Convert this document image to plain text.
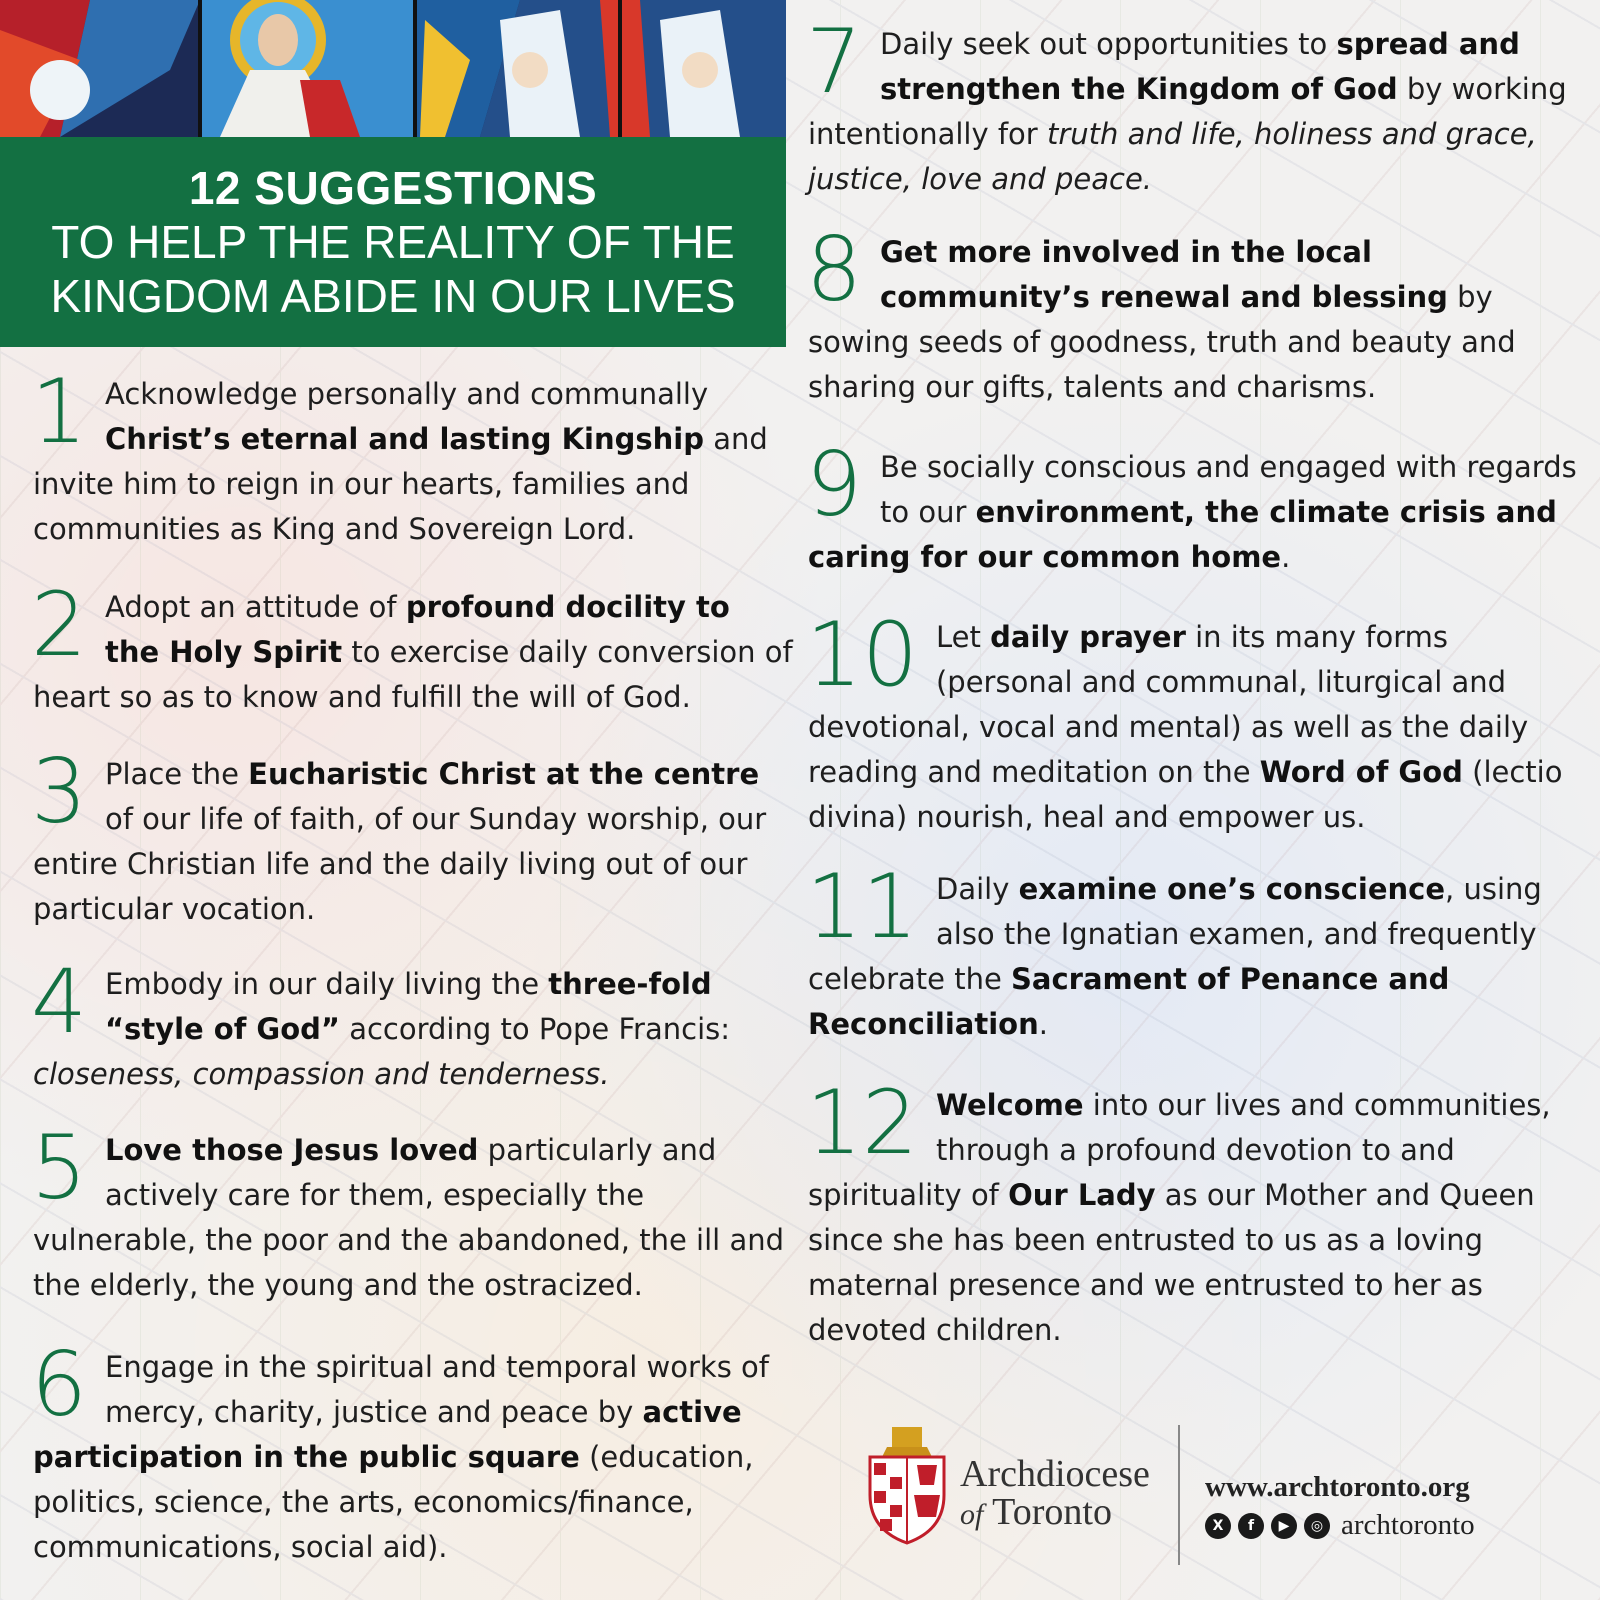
12 SUGGESTIONS
TO HELP THE REALITY OF THE
KINGDOM ABIDE IN OUR LIVES
1 Acknowledge personally and communally Christ’s eternal and lasting Kingship and invite him to reign in our hearts, families and communities as King and Sovereign Lord.
2 Adopt an attitude of profound docility to the Holy Spirit to exercise daily conversion of heart so as to know and fulfill the will of God.
3 Place the Eucharistic Christ at the centre of our life of faith, of our Sunday worship, our entire Christian life and the daily living out of our particular vocation.
4 Embody in our daily living the three-fold “style of God” according to Pope Francis: closeness, compassion and tenderness.
5 Love those Jesus loved particularly and actively care for them, especially the vulnerable, the poor and the abandoned, the ill and the elderly, the young and the ostracized.
6 Engage in the spiritual and temporal works of mercy, charity, justice and peace by active participation in the public square (education, politics, science, the arts, economics/finance, communications, social aid).
7 Daily seek out opportunities to spread and strengthen the Kingdom of God by working intentionally for truth and life, holiness and grace, justice, love and peace.
8 Get more involved in the local community’s renewal and blessing by sowing seeds of goodness, truth and beauty and sharing our gifts, talents and charisms.
9 Be socially conscious and engaged with regards to our environment, the climate crisis and caring for our common home.
10 Let daily prayer in its many forms (personal and communal, liturgical and devotional, vocal and mental) as well as the daily reading and meditation on the Word of God (lectio divina) nourish, heal and empower us.
11 Daily examine one’s conscience, using also the Ignatian examen, and frequently celebrate the Sacrament of Penance and Reconciliation.
12 Welcome into our lives and communities, through a profound devotion to and spirituality of Our Lady as our Mother and Queen since she has been entrusted to us as a loving maternal presence and we entrusted to her as devoted children.
Archdiocese
of Toronto
www.archtoronto.org
X	f	▶	◎ archtoronto
